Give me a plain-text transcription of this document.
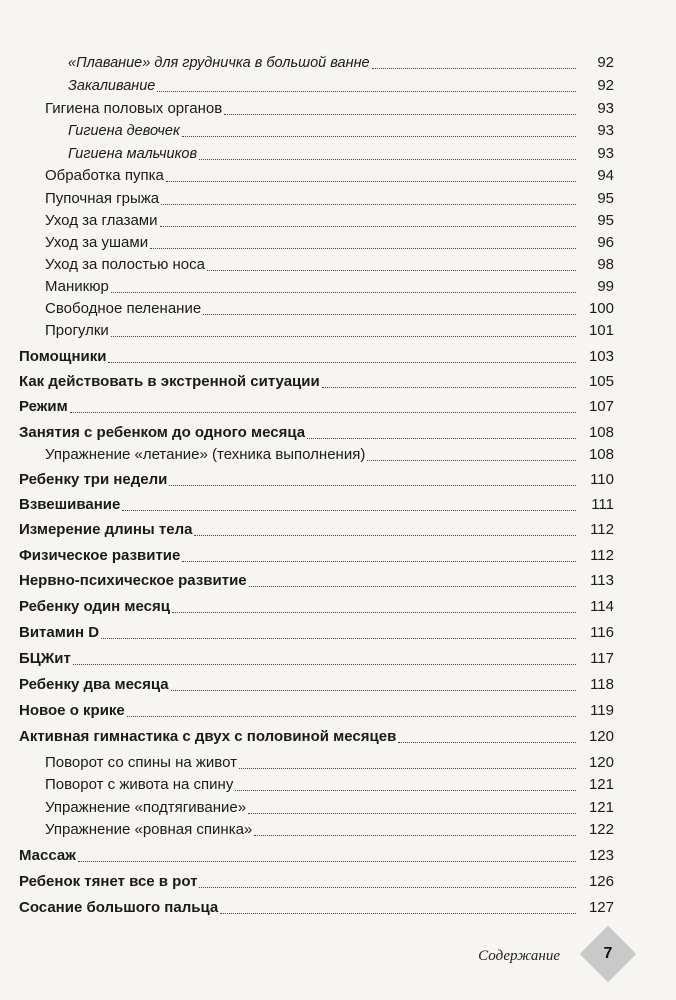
«Плавание» для грудничка в большой ванне	92
Закаливание	92
Гигиена половых органов	93
Гигиена девочек	93
Гигиена мальчиков	93
Обработка пупка	94
Пупочная грыжа	95
Уход за глазами	95
Уход за ушами	96
Уход за полостью носа	98
Маникюр	99
Свободное пеленание	100
Прогулки	101
Помощники	103
Как действовать в экстренной ситуации	105
Режим	107
Занятия с ребенком до одного месяца	108
Упражнение «летание» (техника выполнения)	108
Ребенку три недели	110
Взвешивание	111
Измерение длины тела	112
Физическое развитие	112
Нервно-психическое развитие	113
Ребенку один месяц	114
Витамин D	116
БЦЖит	117
Ребенку два месяца	118
Новое о крике	119
Активная гимнастика с двух с половиной месяцев	120
Поворот со спины на живот	120
Поворот с живота на спину	121
Упражнение «подтягивание»	121
Упражнение «ровная спинка»	122
Массаж	123
Ребенок тянет все в рот	126
Сосание большого пальца	127
Содержание	7
